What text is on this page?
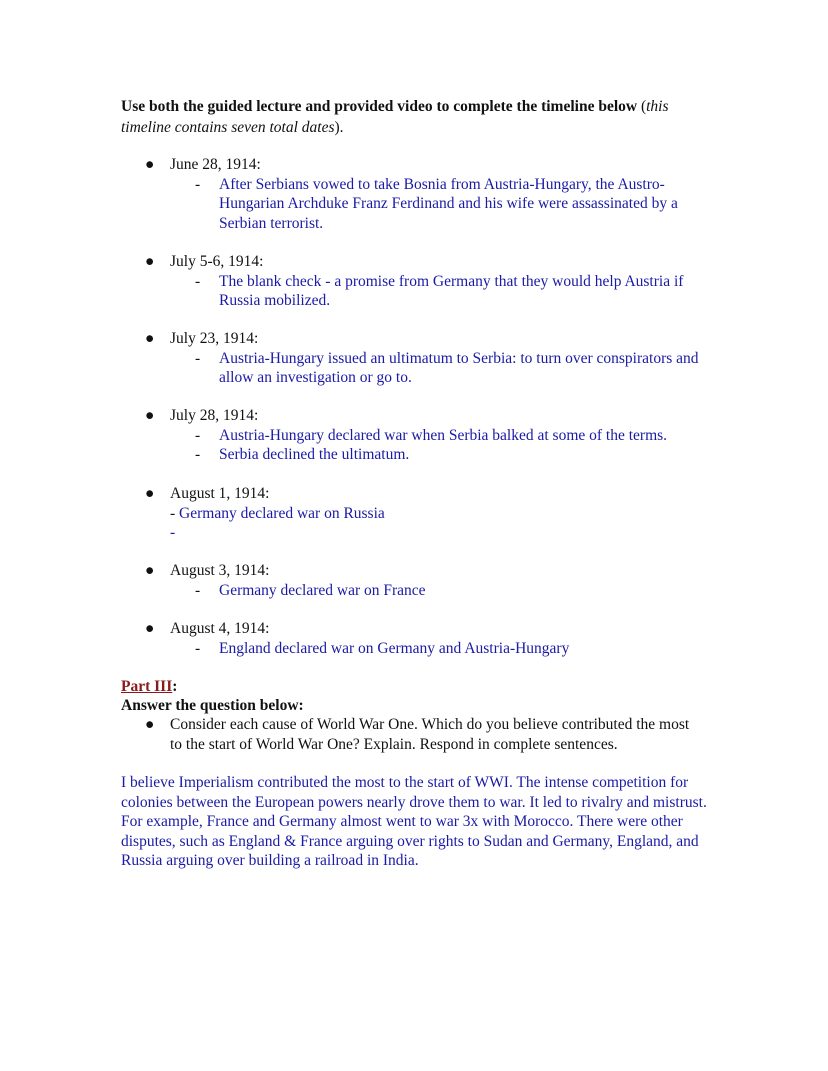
Use both the guided lecture and provided video to complete the timeline below (this timeline contains seven total dates).
● June 28, 1914:
- After Serbians vowed to take Bosnia from Austria-Hungary, the Austro-Hungarian Archduke Franz Ferdinand and his wife were assassinated by a Serbian terrorist.
● July 5-6, 1914:
- The blank check - a promise from Germany that they would help Austria if Russia mobilized.
● July 23, 1914:
- Austria-Hungary issued an ultimatum to Serbia: to turn over conspirators and allow an investigation or go to.
● July 28, 1914:
- Austria-Hungary declared war when Serbia balked at some of the terms.
- Serbia declined the ultimatum.
● August 1, 1914:
- Germany declared war on Russia
-
● August 3, 1914:
- Germany declared war on France
● August 4, 1914:
- England declared war on Germany and Austria-Hungary
Part III:
Answer the question below:
● Consider each cause of World War One. Which do you believe contributed the most to the start of World War One? Explain. Respond in complete sentences.
I believe Imperialism contributed the most to the start of WWI. The intense competition for colonies between the European powers nearly drove them to war. It led to rivalry and mistrust. For example, France and Germany almost went to war 3x with Morocco. There were other disputes, such as England & France arguing over rights to Sudan and Germany, England, and Russia arguing over building a railroad in India.
